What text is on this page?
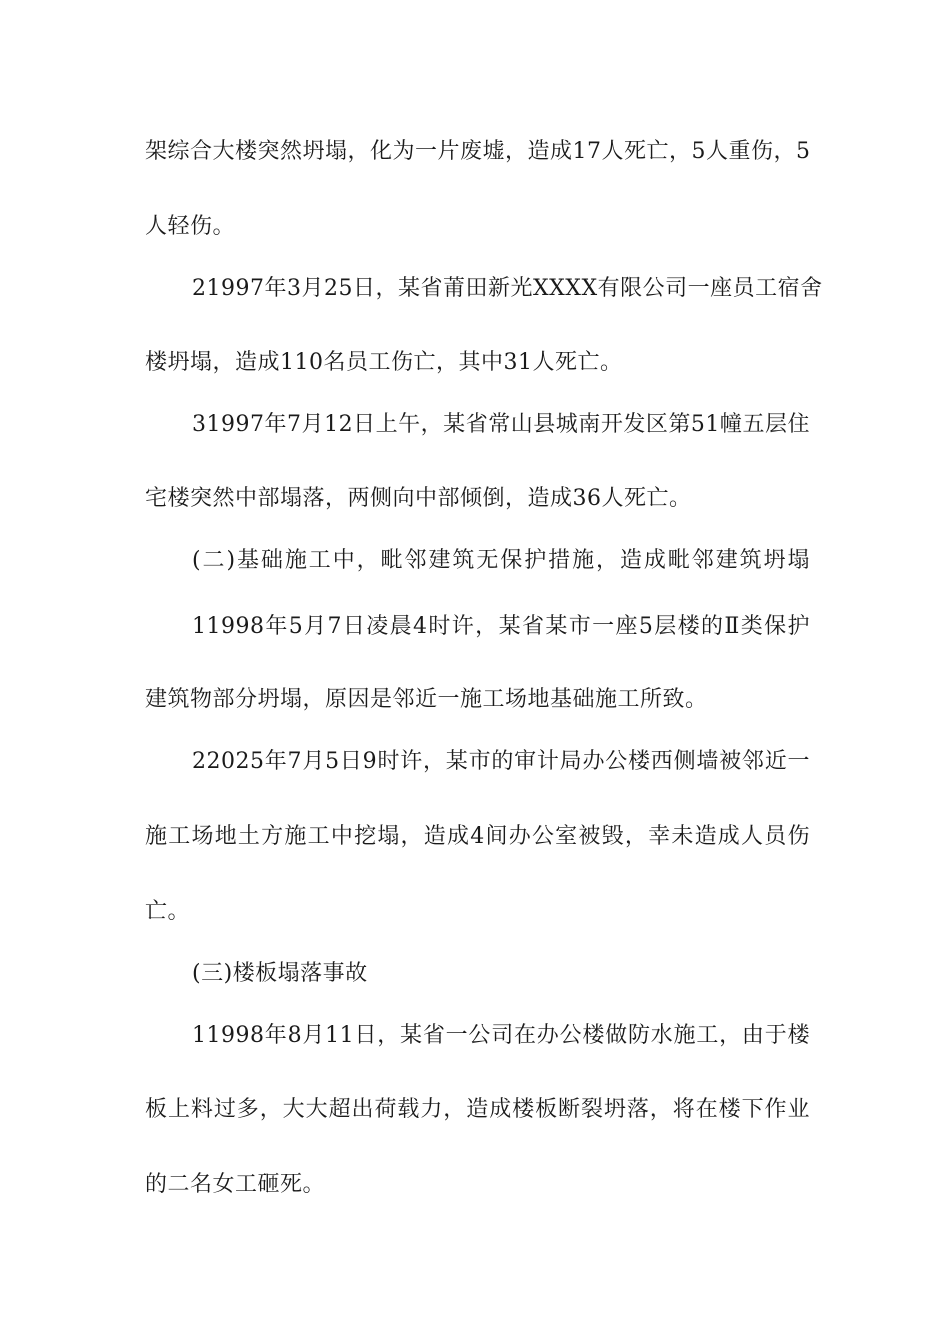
架综合大楼突然坍塌，化为一片废墟，造成17人死亡，5人重伤，5
人轻伤。
21997年3月25日，某省莆田新光XXXX有限公司一座员工宿舍
楼坍塌，造成110名员工伤亡，其中31人死亡。
31997年7月12日上午，某省常山县城南开发区第51幢五层住
宅楼突然中部塌落，两侧向中部倾倒，造成36人死亡。
(二)基础施工中，毗邻建筑无保护措施，造成毗邻建筑坍塌
11998年5月7日凌晨4时许，某省某市一座5层楼的Ⅱ类保护
建筑物部分坍塌，原因是邻近一施工场地基础施工所致。
22025年7月5日9时许，某市的审计局办公楼西侧墙被邻近一
施工场地土方施工中挖塌，造成4间办公室被毁，幸未造成人员伤
亡。
(三)楼板塌落事故
11998年8月11日，某省一公司在办公楼做防水施工，由于楼
板上料过多，大大超出荷载力，造成楼板断裂坍落，将在楼下作业
的二名女工砸死。
